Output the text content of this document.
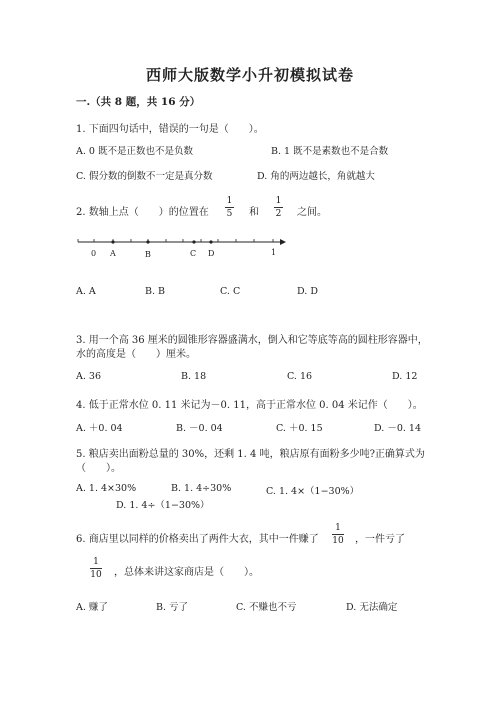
西师大版数学小升初模拟试卷
一.（共 8 题，共 16 分）
1. 下面四句话中，错误的一句是（　　）。
A. 0 既不是正数也不是负数	B. 1 既不是素数也不是合数
C. 假分数的倒数不一定是真分数	D. 角的两边越长，角就越大
2. 数轴上点（　　）的位置在
1
5 和
1
2 之间。
0 A	B	C D	1
A. A	B. B	C. C	D. D
3. 用一个高 36 厘米的圆锥形容器盛满水，倒入和它等底等高的圆柱形容器中，
水的高度是（　　）厘米。
A. 36	B. 18	C. 16	D. 12
4. 低于正常水位 0. 11 米记为－0. 11，高于正常水位 0. 04 米记作（　　）。
A. ＋0. 04	B. －0. 04	C. ＋0. 15	D. －0. 14
5. 粮店卖出面粉总量的 30%，还剩 1. 4 吨，粮店原有面粉多少吨?正确算式为
（　　）。
A. 1. 4×30%	B. 1. 4÷30%	C. 1. 4×（1−30%）
D. 1. 4÷（1−30%）
6. 商店里以同样的价格卖出了两件大衣，其中一件赚了
1
10 ，一件亏了
1
10 ，总体来讲这家商店是（　　）。
A. 赚了	B. 亏了	C. 不赚也不亏	D. 无法确定
